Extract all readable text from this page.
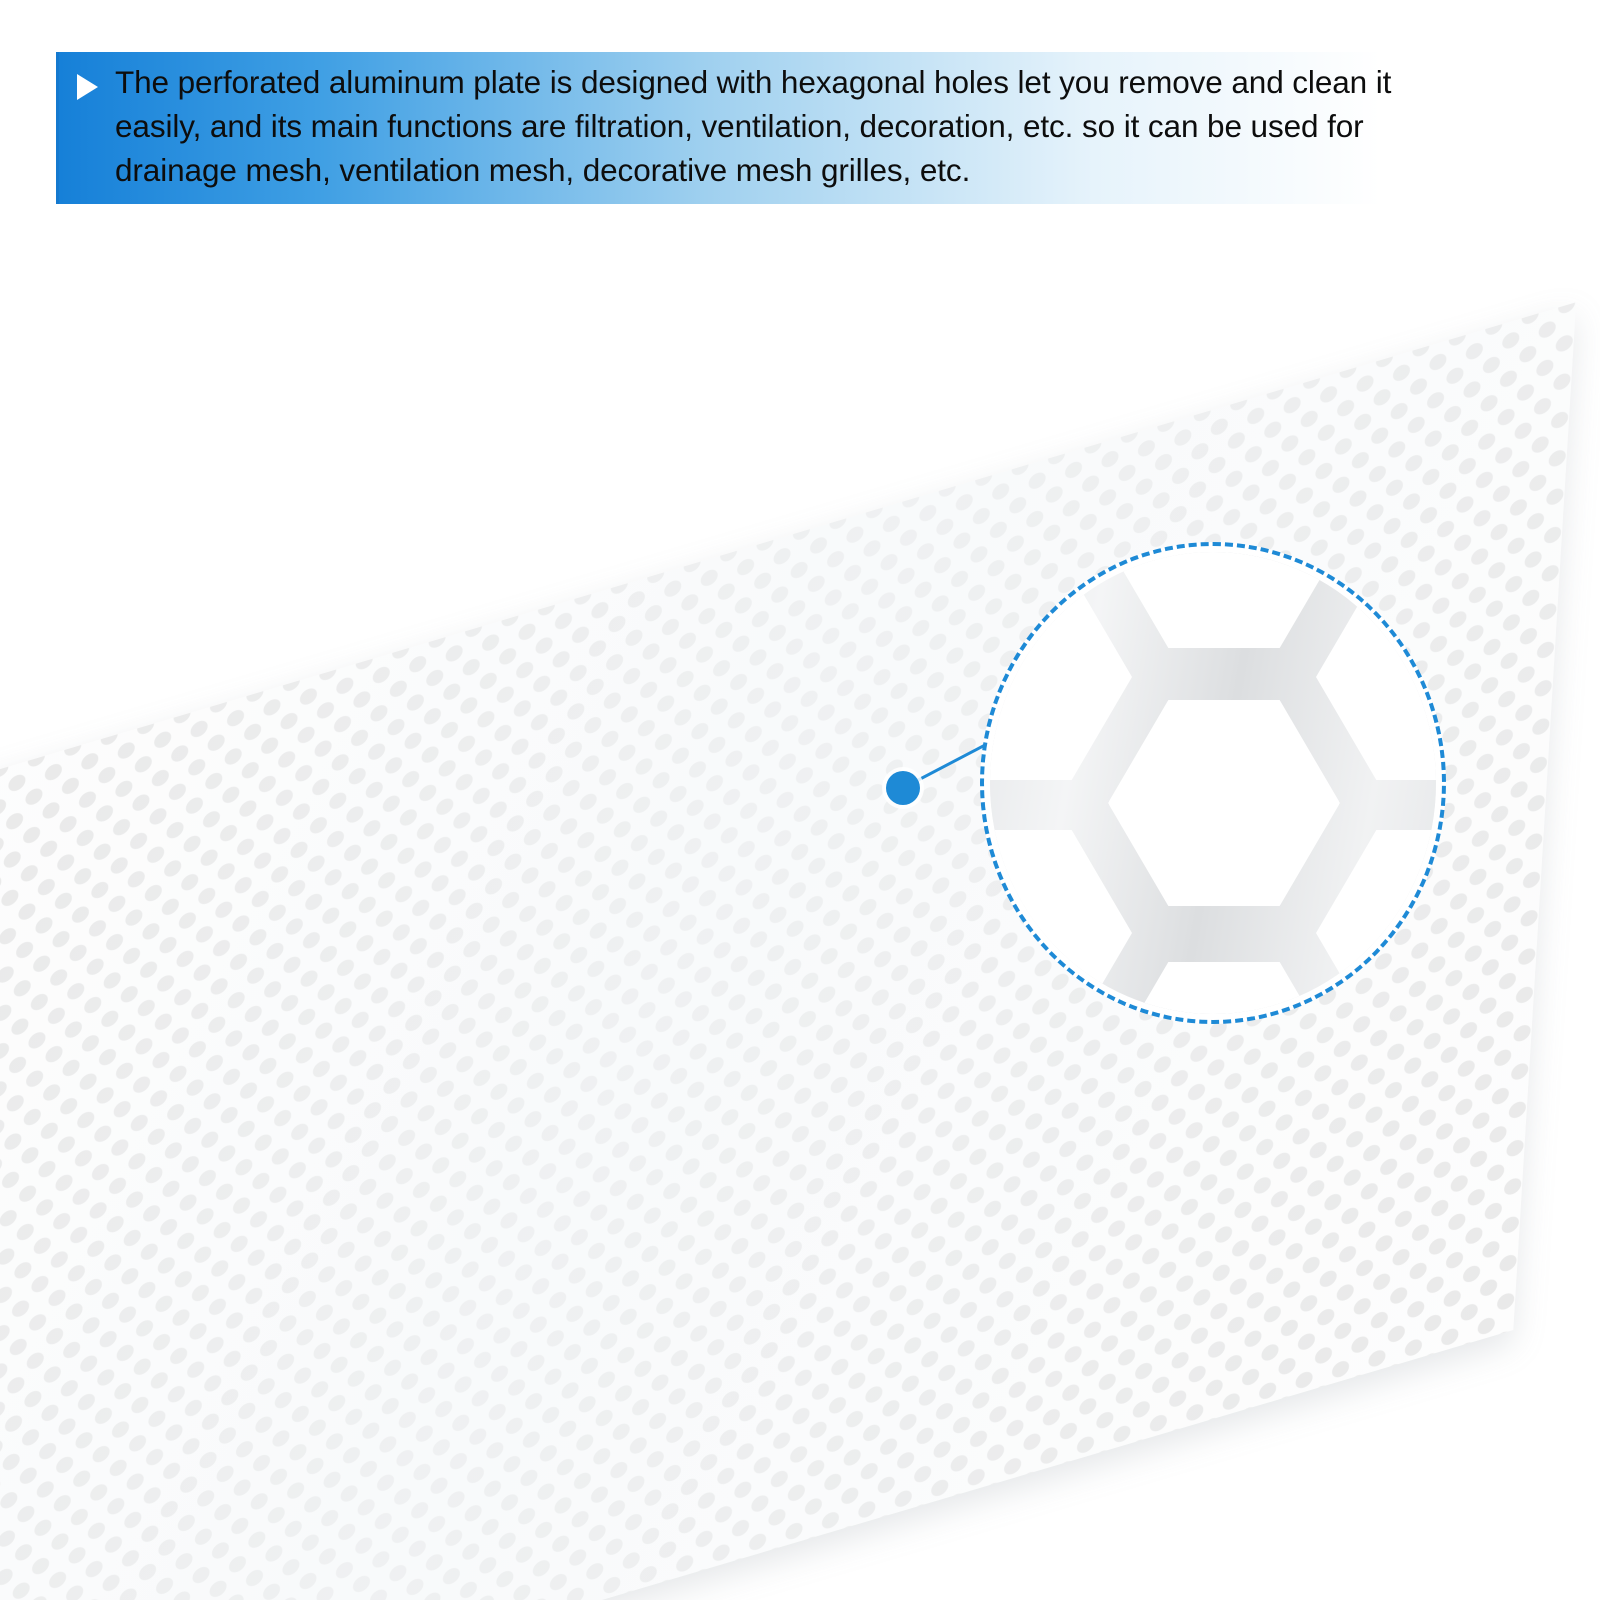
The perforated aluminum plate is designed with hexagonal holes let you remove and clean it easily, and its main functions are filtration, ventilation, decoration, etc. so it can be used for drainage mesh, ventilation mesh, decorative mesh grilles, etc.
